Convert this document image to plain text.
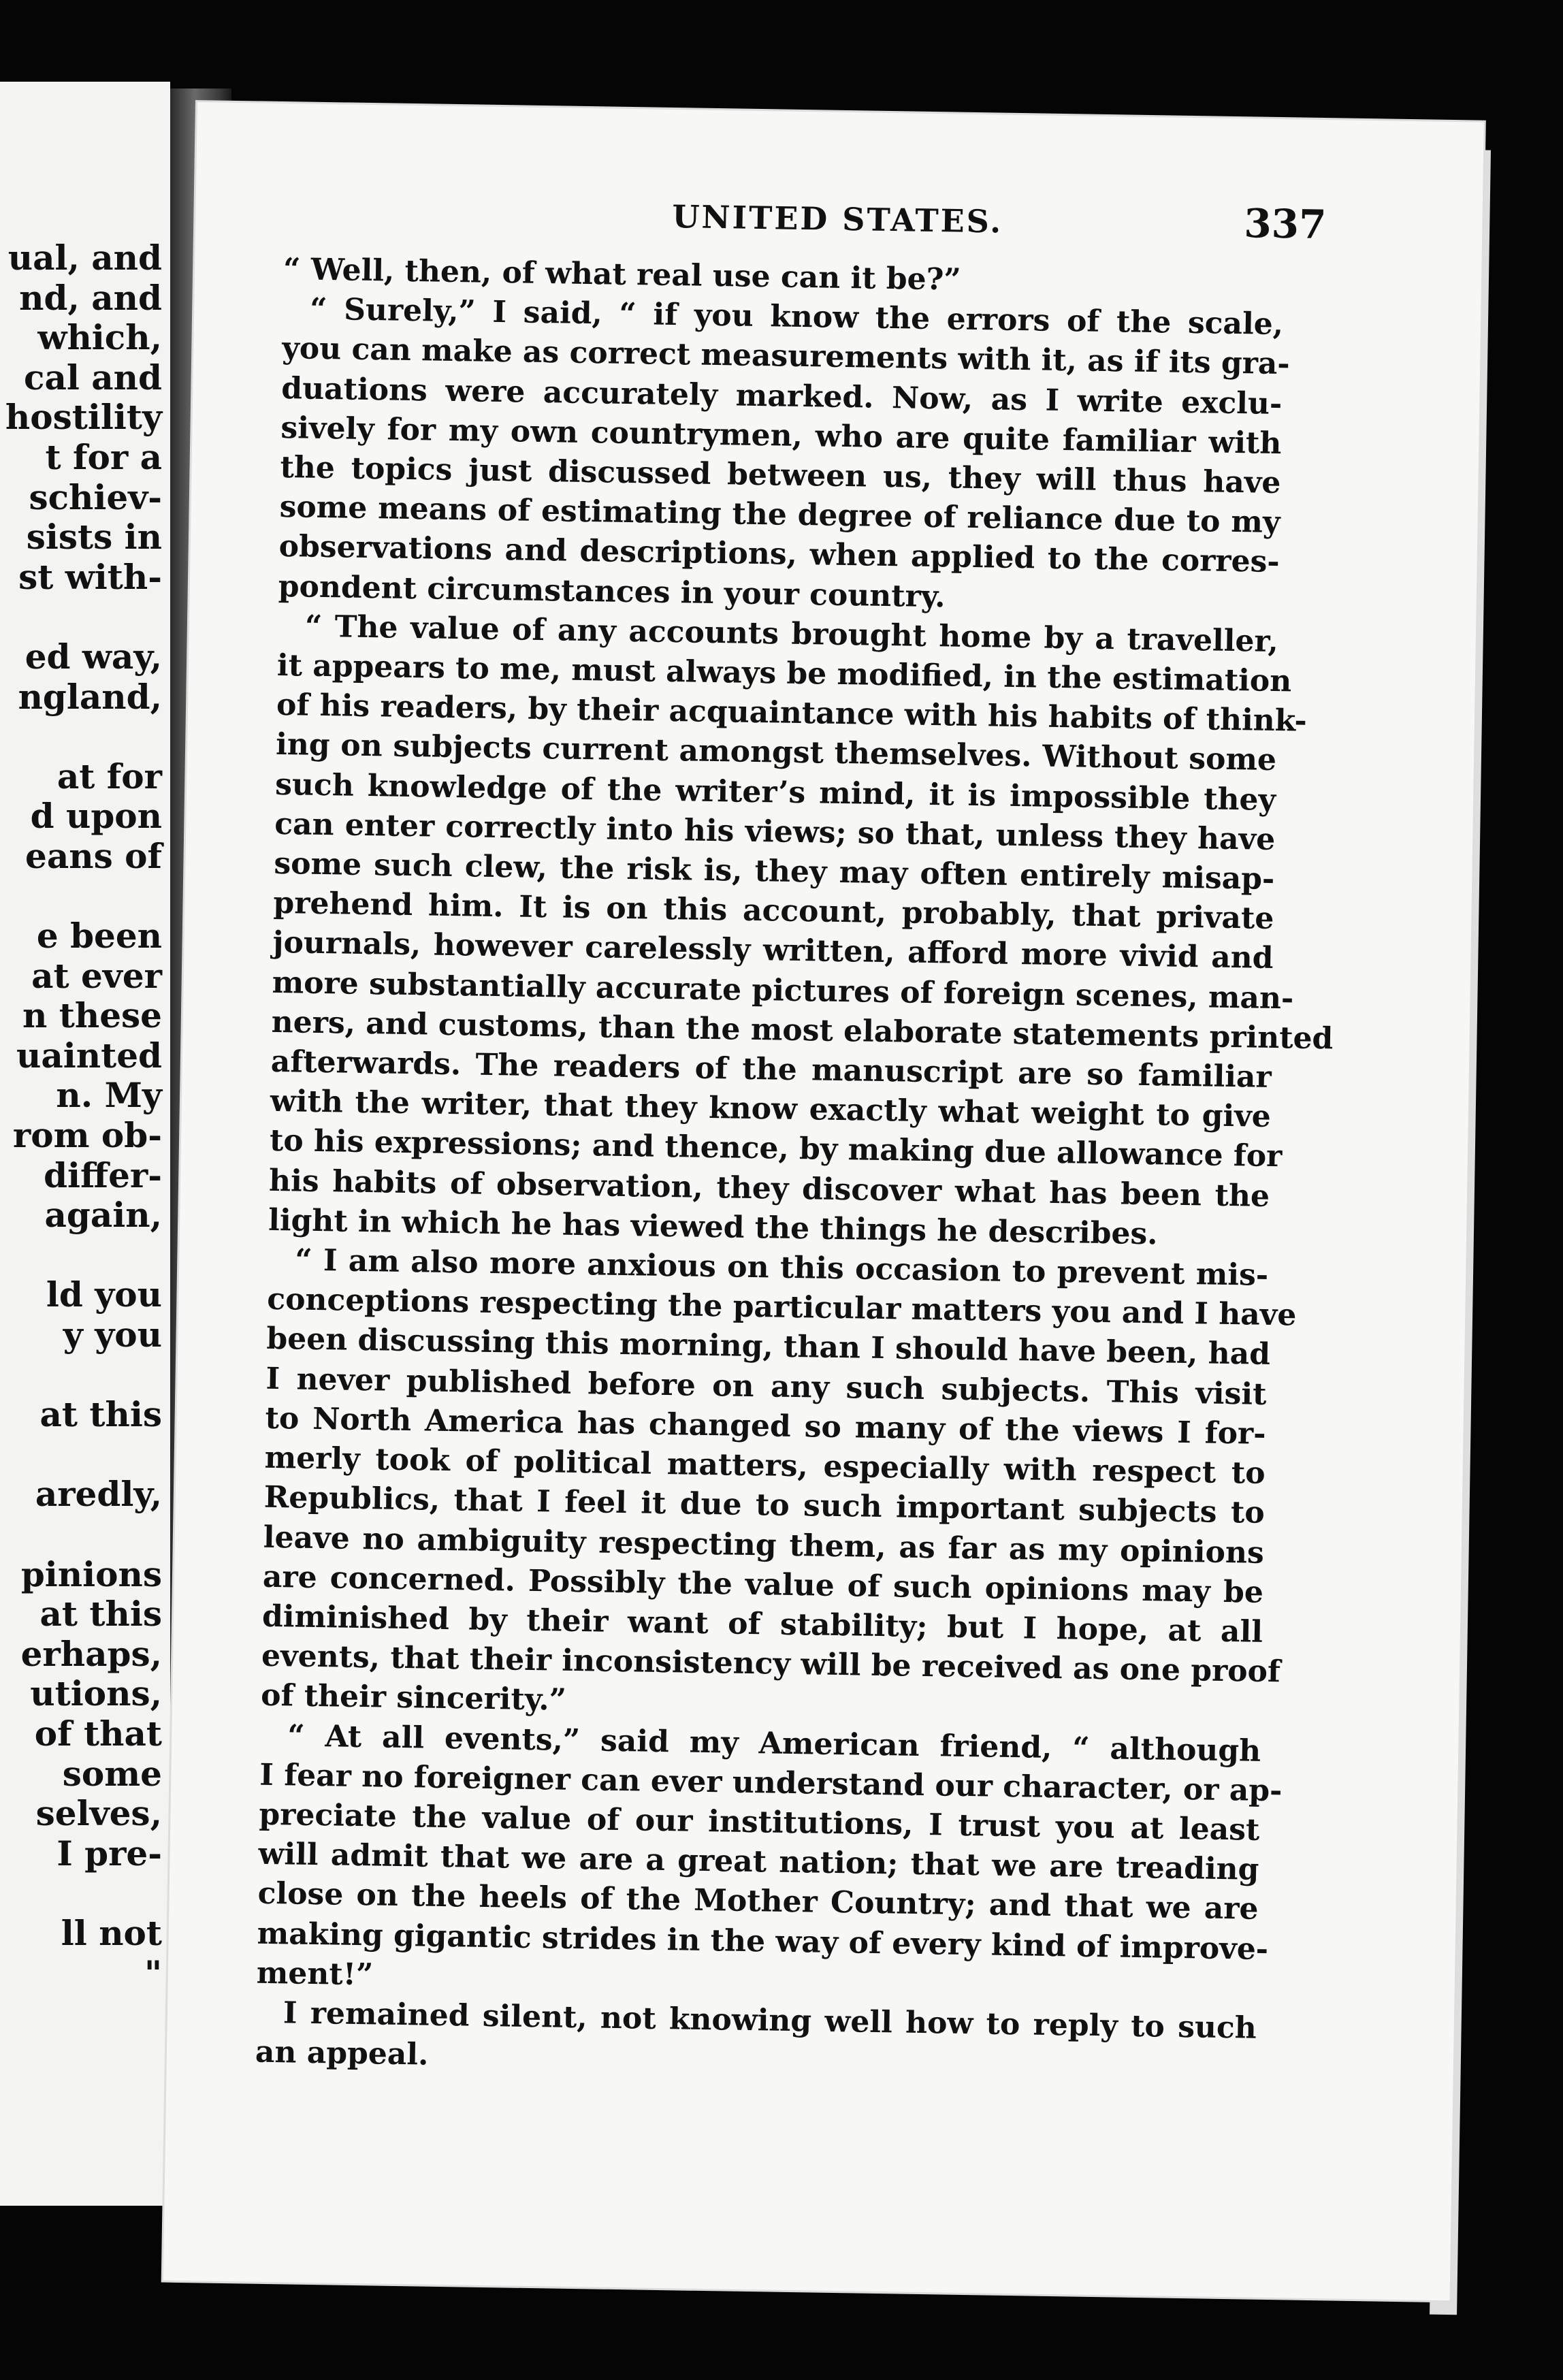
ual, and
nd, and
which,
cal and
hostility
t for a
schiev-
sists in
st with-

ed way,
ngland,

at for
d upon
eans of

e been
at ever
n these
uainted
n. My
rom ob-
differ-
again,

ld you
y you

at this

aredly,

pinions
at this
erhaps,
utions,
of that
some
selves,
I pre-

ll not
"
UNITED STATES.	337
“ Well, then, of what real use can it be?”
“ Surely,” I said, “ if you know the errors of the scale,
you can make as correct measurements with it, as if its gra-
duations were accurately marked. Now, as I write exclu-
sively for my own countrymen, who are quite familiar with
the topics just discussed between us, they will thus have
some means of estimating the degree of reliance due to my
observations and descriptions, when applied to the corres-
pondent circumstances in your country.
“ The value of any accounts brought home by a traveller,
it appears to me, must always be modified, in the estimation
of his readers, by their acquaintance with his habits of think-
ing on subjects current amongst themselves. Without some
such knowledge of the writer’s mind, it is impossible they
can enter correctly into his views; so that, unless they have
some such clew, the risk is, they may often entirely misap-
prehend him. It is on this account, probably, that private
journals, however carelessly written, afford more vivid and
more substantially accurate pictures of foreign scenes, man-
ners, and customs, than the most elaborate statements printed
afterwards. The readers of the manuscript are so familiar
with the writer, that they know exactly what weight to give
to his expressions; and thence, by making due allowance for
his habits of observation, they discover what has been the
light in which he has viewed the things he describes.
“ I am also more anxious on this occasion to prevent mis-
conceptions respecting the particular matters you and I have
been discussing this morning, than I should have been, had
I never published before on any such subjects. This visit
to North America has changed so many of the views I for-
merly took of political matters, especially with respect to
Republics, that I feel it due to such important subjects to
leave no ambiguity respecting them, as far as my opinions
are concerned. Possibly the value of such opinions may be
diminished by their want of stability; but I hope, at all
events, that their inconsistency will be received as one proof
of their sincerity.”
“ At all events,” said my American friend, “ although
I fear no foreigner can ever understand our character, or ap-
preciate the value of our institutions, I trust you at least
will admit that we are a great nation; that we are treading
close on the heels of the Mother Country; and that we are
making gigantic strides in the way of every kind of improve-
ment!”
I remained silent, not knowing well how to reply to such
an appeal.
